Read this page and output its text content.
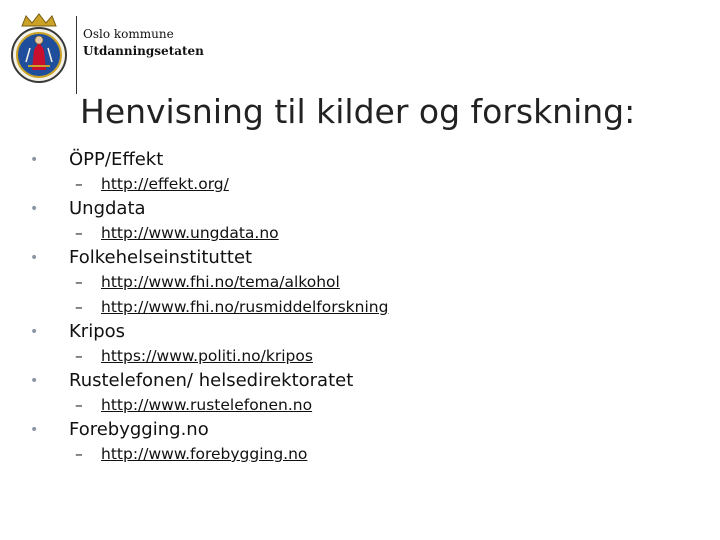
Oslo kommune
Utdanningsetaten
Henvisning til kilder og forskning:
• ÖPP/Effekt
– http://effekt.org/
• Ungdata
– http://www.ungdata.no
• Folkehelseinstituttet
– http://www.fhi.no/tema/alkohol
– http://www.fhi.no/rusmiddelforskning
• Kripos
– https://www.politi.no/kripos
• Rustelefonen/ helsedirektoratet
– http://www.rustelefonen.no
• Forebygging.no
– http://www.forebygging.no
